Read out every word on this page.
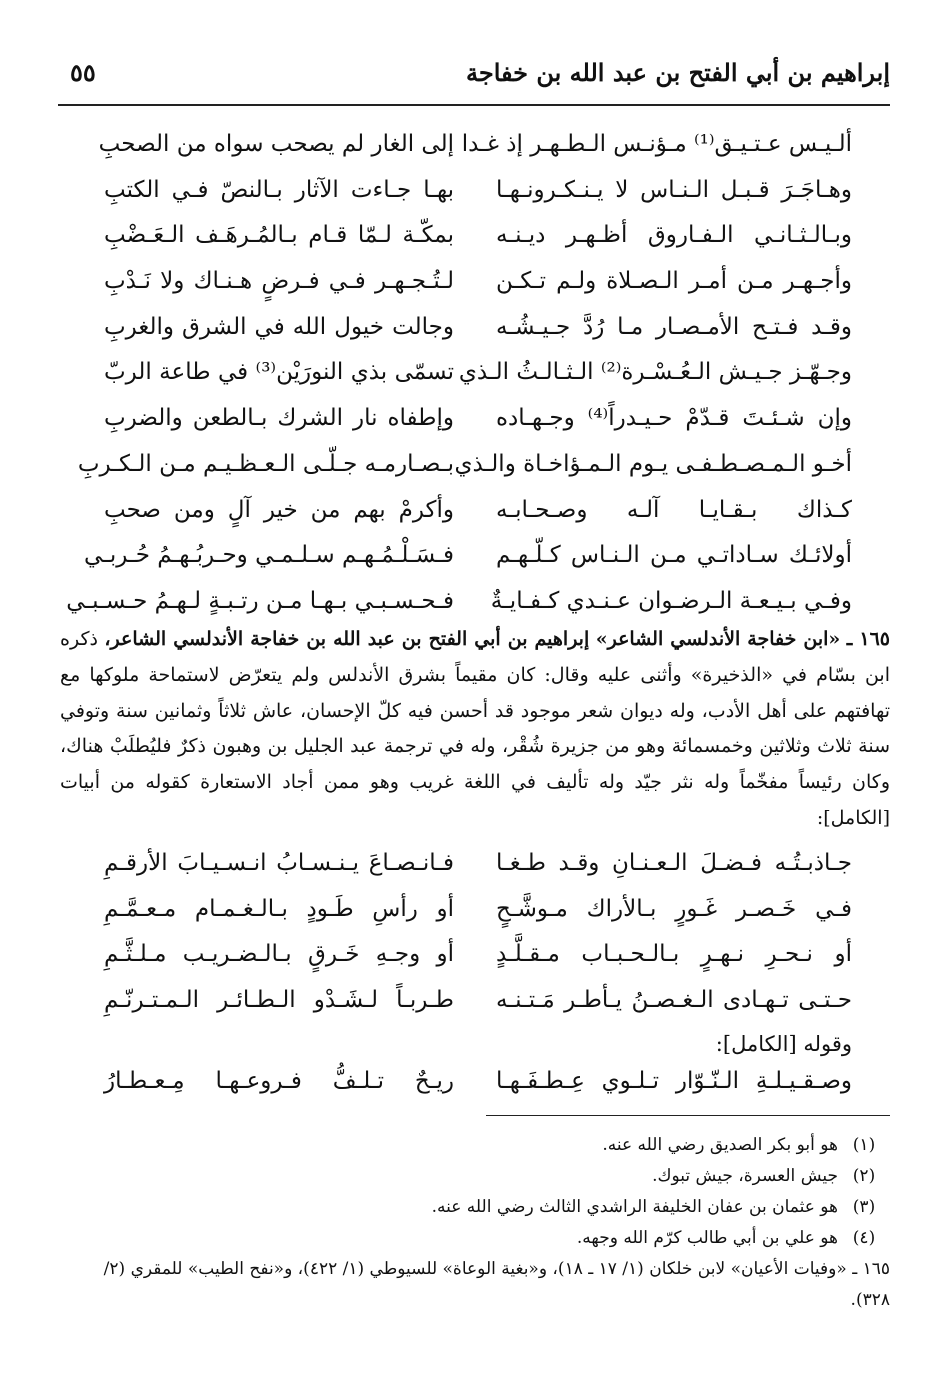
إبراهيم بن أبي الفتح بن عبد الله بن خفاجة
٥٥
ألـيـس عـتـيـق⁽¹⁾ مـؤنـس الـطـهـر إذ غـدا
إلى الغار لم يصحب سواه من الصحبِ
وهـاجَـرَ قـبـل الـنـاس لا يـنـكـرونـهـا
بهـا جـاءت الآثار بـالنصّ فـي الكتبِ
وبـالـثـانـي الـفـاروق أظـهـر ديـنـه
بمكّـة لـمّا قـام بـالمُـرهَـف الـعَـضْبِ
وأجـهـر مـن أمـر الـصـلاة ولـم تـكـن
لـتُـجـهـر فـي فـرضٍ هـنـاك ولا نَـدْبِ
وقـد فـتـح الأمـصـار مـا رُدَّ جـيـشُـه
وجالت خيول الله في الشرق والغربِ
وجـهّـز جـيـش الـعُـسْـرة⁽²⁾ الـثـالـثُ الـذي
تسمّى بذي النورَيْن⁽³⁾ في طاعة الربّ
وإن شـئـتَ قـدّمْ حـيـدراً⁽⁴⁾ وجـهـاده
وإطفاه نار الشرك بـالطعن والضربِ
أخـو الـمـصـطـفـى يـوم الـمـؤاخـاة والـذي
بـصـارمـه جـلّـى الـعـظـيـم مـن الـكـربِ
كـذاك بـقـايـا آلـه وصـحـابـه
وأكرمْ بهم من خير آلٍ ومن صحبِ
أولائـك سـاداتـي مـن الـنـاس كـلّـهـم
فـسَـلْـمُـهـم سـلـمـي وحـربُـهـمُ حُـربـي
وفـي بـيـعـة الـرضـوان عـنـدي كـفـايـةٌ
فـحـسـبـي بـهـا مـن رتـبـةٍ لـهـمُ حـسـبـي
١٦٥ ـ «ابن خفاجة الأندلسي الشاعر» إبراهيم بن أبي الفتح بن عبد الله بن خفاجة الأندلسي الشاعر، ذكره ابن بسّام في «الذخيرة» وأثنى عليه وقال: كان مقيماً بشرق الأندلس ولم يتعرّض لاستماحة ملوكها مع تهافتهم على أهل الأدب، وله ديوان شعر موجود قد أحسن فيه كلّ الإحسان، عاش ثلاثاً وثمانين سنة وتوفي سنة ثلاث وثلاثين وخمسمائة وهو من جزيرة شُقْر، وله في ترجمة عبد الجليل بن وهبون ذكرٌ فليُطلَبْ هناك، وكان رئيساً مفخّماً وله نثر جيّد وله تأليف في اللغة غريب وهو ممن أجاد الاستعارة كقوله من أبيات [الكامل]:
جـاذبـتُـه فـضـلَ الـعـنـانِ وقـد طـغـا
فـانـصـاعَ يـنـسـابُ انـسـيـابَ الأرقـمِ
فـي خَـصـر غَـورٍ بـالأراك مـوشَّـحٍ
أو رأسِ طَـودٍ بـالـغـمـام مـعـمَّـمِ
أو نـحـرِ نـهـرٍ بـالـحـبـاب مـقـلَّـدٍ
أو وجـهِ خَـرقٍ بـالـضـريـب مـلـثَّـمِ
حـتـى تـهـادى الـغـصـنُ يـأطـر مَـتـنـه
طـربـاً لـشَـدْو الـطـائـر الـمـتـرنّـمِ
وقوله [الكامل]:
وصـقـيـلـةِ الـنّـوّار تـلـوي عِـطـفَـهـا
ريـحٌ تـلـفُّ فـروعـهـا مِـعـطـارُ
(١)
هو أبو بكر الصديق رضي الله عنه.
(٢)
جيش العسرة، جيش تبوك.
(٣)
هو عثمان بن عفان الخليفة الراشدي الثالث رضي الله عنه.
(٤)
هو علي بن أبي طالب كرّم الله وجهه.
١٦٥ ـ «وفيات الأعيان» لابن خلكان (١/ ١٧ ـ ١٨)، و«بغية الوعاة» للسيوطي (١/ ٤٢٢)، و«نفح الطيب» للمقري (٢/ ٣٢٨).
